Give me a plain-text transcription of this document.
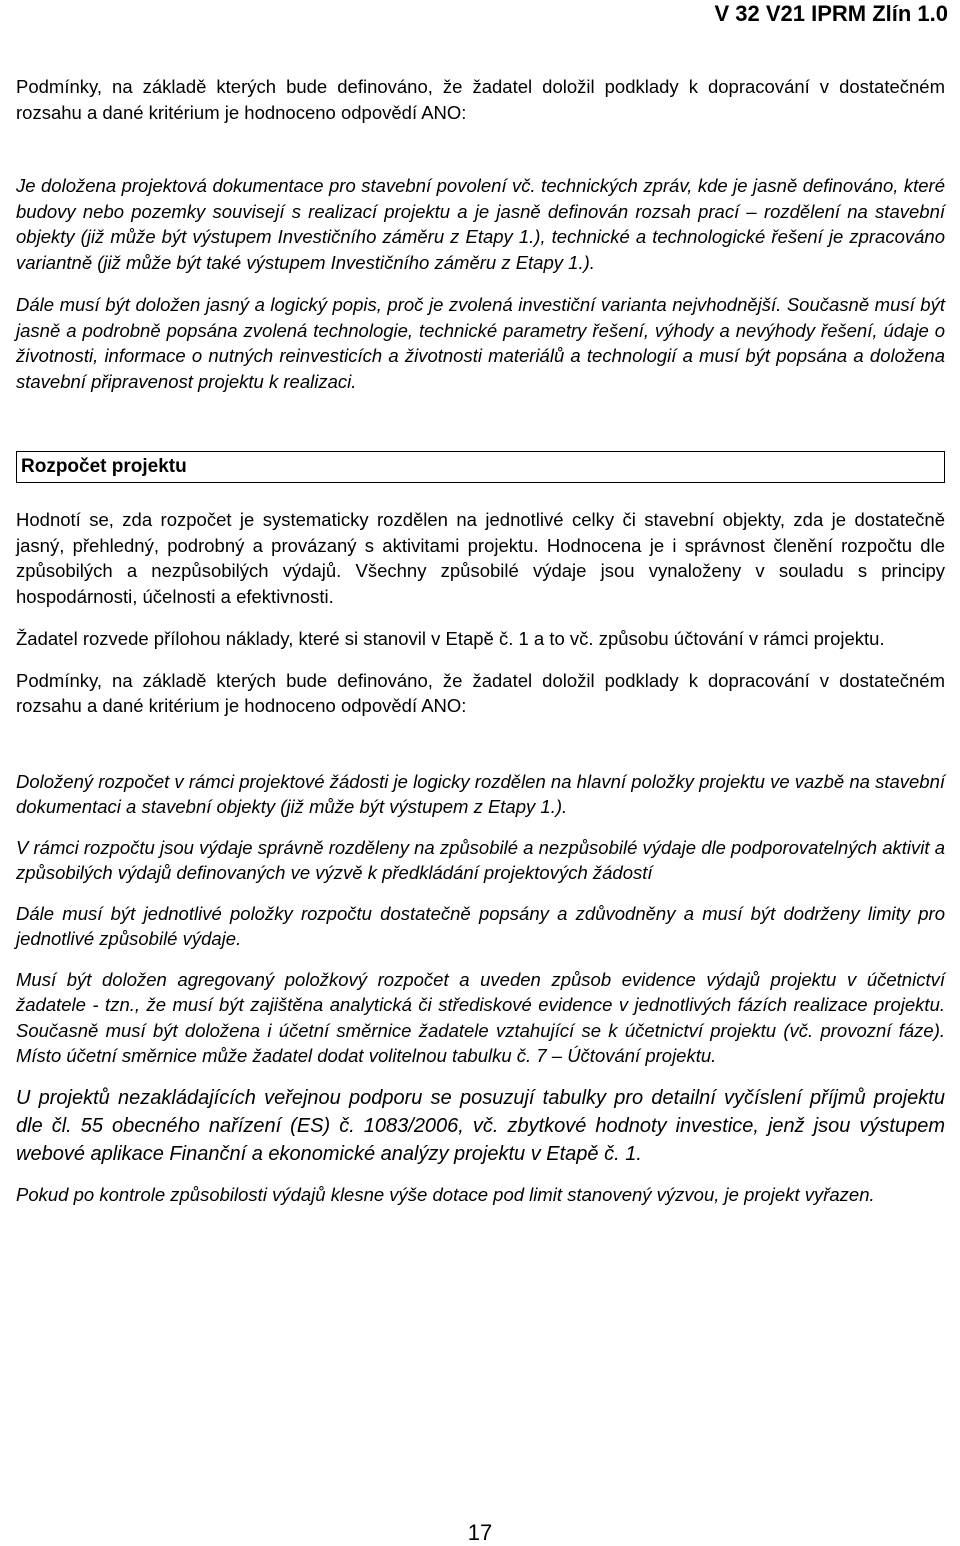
V 32 V21 IPRM Zlín 1.0

Podmínky, na základě kterých bude definováno, že žadatel doložil podklady k dopracování v dostatečném rozsahu a dané kritérium je hodnoceno odpovědí ANO:

Je doložena projektová dokumentace pro stavební povolení vč. technických zpráv, kde je jasně definováno, které budovy nebo pozemky souvisejí s realizací projektu a je jasně definován rozsah prací – rozdělení na stavební objekty (již může být výstupem Investičního záměru z Etapy 1.), technické a technologické řešení je zpracováno variantně (již může být také výstupem Investičního záměru z Etapy 1.).

Dále musí být doložen jasný a logický popis, proč je zvolená investiční varianta nejvhodnější. Současně musí být jasně a podrobně popsána zvolená technologie, technické parametry řešení, výhody a nevýhody řešení, údaje o životnosti, informace o nutných reinvesticích a životnosti materiálů a technologií a musí být popsána a doložena stavební připravenost projektu k realizaci.

Rozpočet projektu

Hodnotí se, zda rozpočet je systematicky rozdělen na jednotlivé celky či stavební objekty, zda je dostatečně jasný, přehledný, podrobný a provázaný s aktivitami projektu. Hodnocena je i správnost členění rozpočtu dle způsobilých a nezpůsobilých výdajů. Všechny způsobilé výdaje jsou vynaloženy v souladu s principy hospodárnosti, účelnosti a efektivnosti.

Žadatel rozvede přílohou náklady, které si stanovil v Etapě č. 1 a to vč. způsobu účtování v rámci projektu.

Podmínky, na základě kterých bude definováno, že žadatel doložil podklady k dopracování v dostatečném rozsahu a dané kritérium je hodnoceno odpovědí ANO:

Doložený rozpočet v rámci projektové žádosti je logicky rozdělen na hlavní položky projektu ve vazbě na stavební dokumentaci a stavební objekty (již může být výstupem z Etapy 1.).

V rámci rozpočtu jsou výdaje správně rozděleny na způsobilé a nezpůsobilé výdaje dle podporovatelných aktivit a způsobilých výdajů definovaných ve výzvě k předkládání projektových žádostí

Dále musí být jednotlivé položky rozpočtu dostatečně popsány a zdůvodněny a musí být dodrženy limity pro jednotlivé způsobilé výdaje.

Musí být doložen agregovaný položkový rozpočet a uveden způsob evidence výdajů projektu v účetnictví žadatele - tzn., že musí být zajištěna analytická či střediskové evidence v jednotlivých fázích realizace projektu. Současně musí být doložena i účetní směrnice žadatele vztahující se k účetnictví projektu (vč. provozní fáze). Místo účetní směrnice může žadatel dodat volitelnou tabulku č. 7 – Účtování projektu.

U projektů nezakládajících veřejnou podporu se posuzují tabulky pro detailní vyčíslení příjmů projektu dle čl. 55 obecného nařízení (ES) č. 1083/2006, vč. zbytkové hodnoty investice, jenž jsou výstupem webové aplikace Finanční a ekonomické analýzy projektu v Etapě č. 1.

Pokud po kontrole způsobilosti výdajů klesne výše dotace pod limit stanovený výzvou, je projekt vyřazen.

17
